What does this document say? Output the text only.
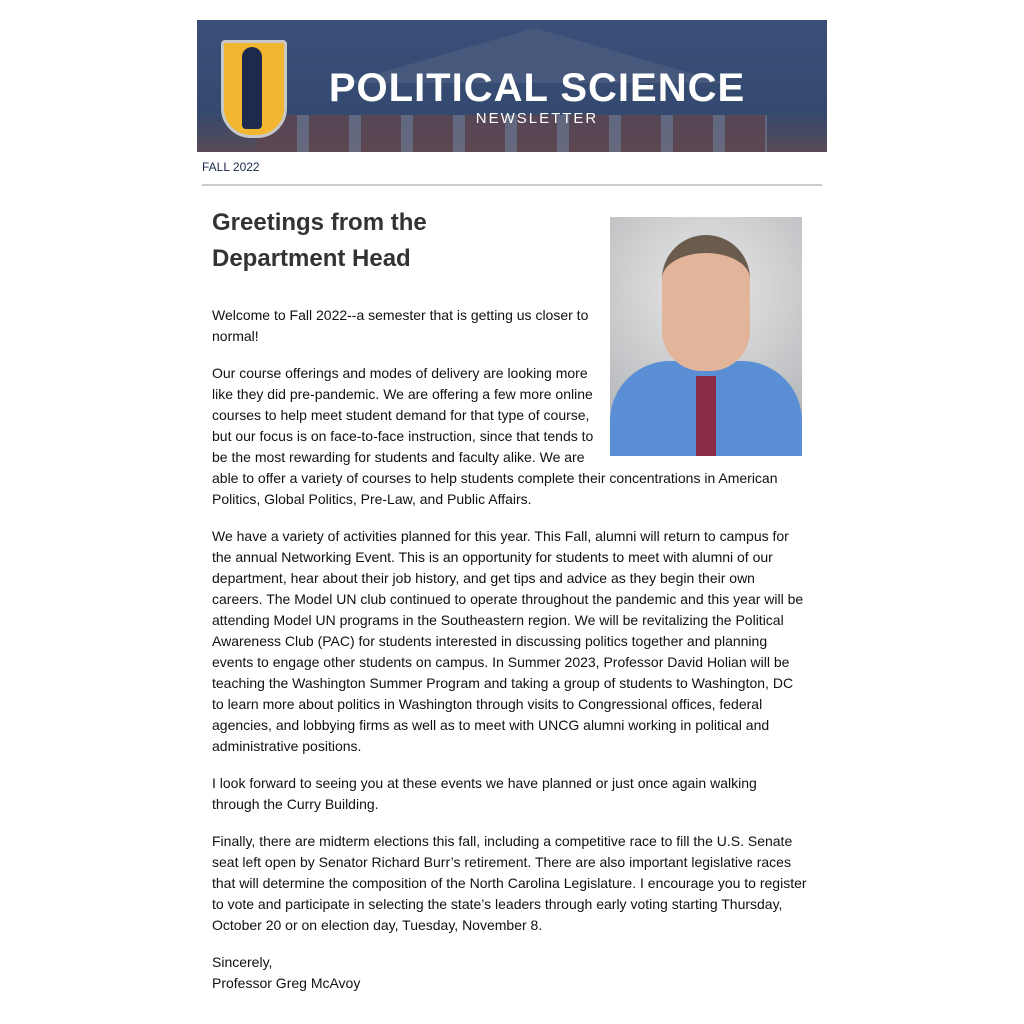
POLITICAL SCIENCE
NEWSLETTER
FALL 2022
Greetings from the
Department Head

Welcome to Fall 2022--a semester that is getting us closer to normal!

Our course offerings and modes of delivery are looking more like they did pre-pandemic. We are offering a few more online courses to help meet student demand for that type of course, but our focus is on face-to-face instruction, since that tends to be the most rewarding for students and faculty alike. We are able to offer a variety of courses to help students complete their concentrations in American Politics, Global Politics, Pre-Law, and Public Affairs.

We have a variety of activities planned for this year. This Fall, alumni will return to campus for the annual Networking Event. This is an opportunity for students to meet with alumni of our department, hear about their job history, and get tips and advice as they begin their own careers. The Model UN club continued to operate throughout the pandemic and this year will be attending Model UN programs in the Southeastern region. We will be revitalizing the Political Awareness Club (PAC) for students interested in discussing politics together and planning events to engage other students on campus. In Summer 2023, Professor David Holian will be teaching the Washington Summer Program and taking a group of students to Washington, DC to learn more about politics in Washington through visits to Congressional offices, federal agencies, and lobbying firms as well as to meet with UNCG alumni working in political and administrative positions.

I look forward to seeing you at these events we have planned or just once again walking through the Curry Building.

Finally, there are midterm elections this fall, including a competitive race to fill the U.S. Senate seat left open by Senator Richard Burr’s retirement. There are also important legislative races that will determine the composition of the North Carolina Legislature. I encourage you to register to vote and participate in selecting the state’s leaders through early voting starting Thursday, October 20 or on election day, Tuesday, November 8.

Sincerely,
Professor Greg McAvoy
